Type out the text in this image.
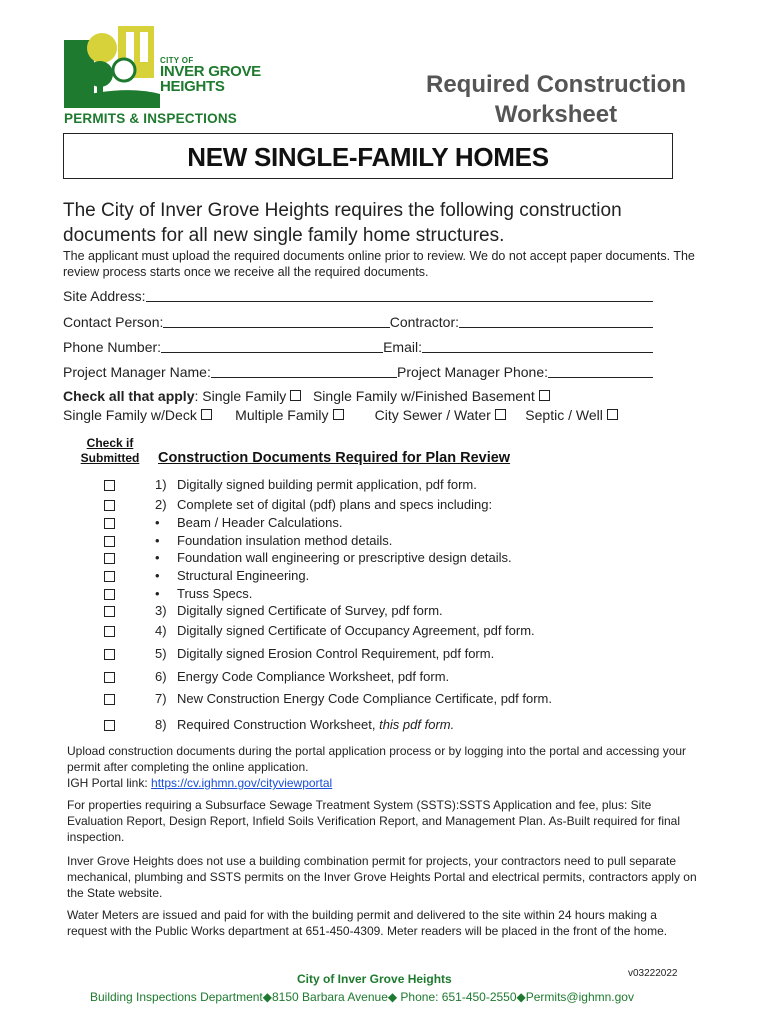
CITY OF
INVER GROVE
HEIGHTS
PERMITS & INSPECTIONS
Required Construction
Worksheet
NEW SINGLE-FAMILY HOMES
The City of Inver Grove Heights requires the following construction documents for all new single family home structures.
The applicant must upload the required documents online prior to review. We do not accept paper documents. The review process starts once we receive all the required documents.
Site Address:
Contact Person:	Contractor:
Phone Number:	Email:
Project Manager Name:	Project Manager Phone:
Check all that apply: Single Family Single Family w/Finished Basement
Single Family w/Deck	Multiple Family	City Sewer / Water Septic / Well
Check if
Submitted	Construction Documents Required for Plan Review
1) Digitally signed building permit application, pdf form.
2) Complete set of digital (pdf) plans and specs including:
• Beam / Header Calculations.
• Foundation insulation method details.
• Foundation wall engineering or prescriptive design details.
• Structural Engineering.
• Truss Specs.
3) Digitally signed Certificate of Survey, pdf form.
4) Digitally signed Certificate of Occupancy Agreement, pdf form.
5) Digitally signed Erosion Control Requirement, pdf form.
6) Energy Code Compliance Worksheet, pdf form.
7) New Construction Energy Code Compliance Certificate, pdf form.
8) Required Construction Worksheet, this pdf form.
Upload construction documents during the portal application process or by logging into the portal and accessing your permit after completing the online application.
IGH Portal link: https://cv.ighmn.gov/cityviewportal
For properties requiring a Subsurface Sewage Treatment System (SSTS):SSTS Application and fee, plus: Site Evaluation Report, Design Report, Infield Soils Verification Report, and Management Plan. As-Built required for final inspection.
Inver Grove Heights does not use a building combination permit for projects, your contractors need to pull separate mechanical, plumbing and SSTS permits on the Inver Grove Heights Portal and electrical permits, contractors apply on the State website.
Water Meters are issued and paid for with the building permit and delivered to the site within 24 hours making a request with the Public Works department at 651-450-4309. Meter readers will be placed in the front of the home.
City of Inver Grove Heights	v03222022
Building Inspections Department◆8150 Barbara Avenue◆ Phone: 651-450-2550◆Permits@ighmn.gov
